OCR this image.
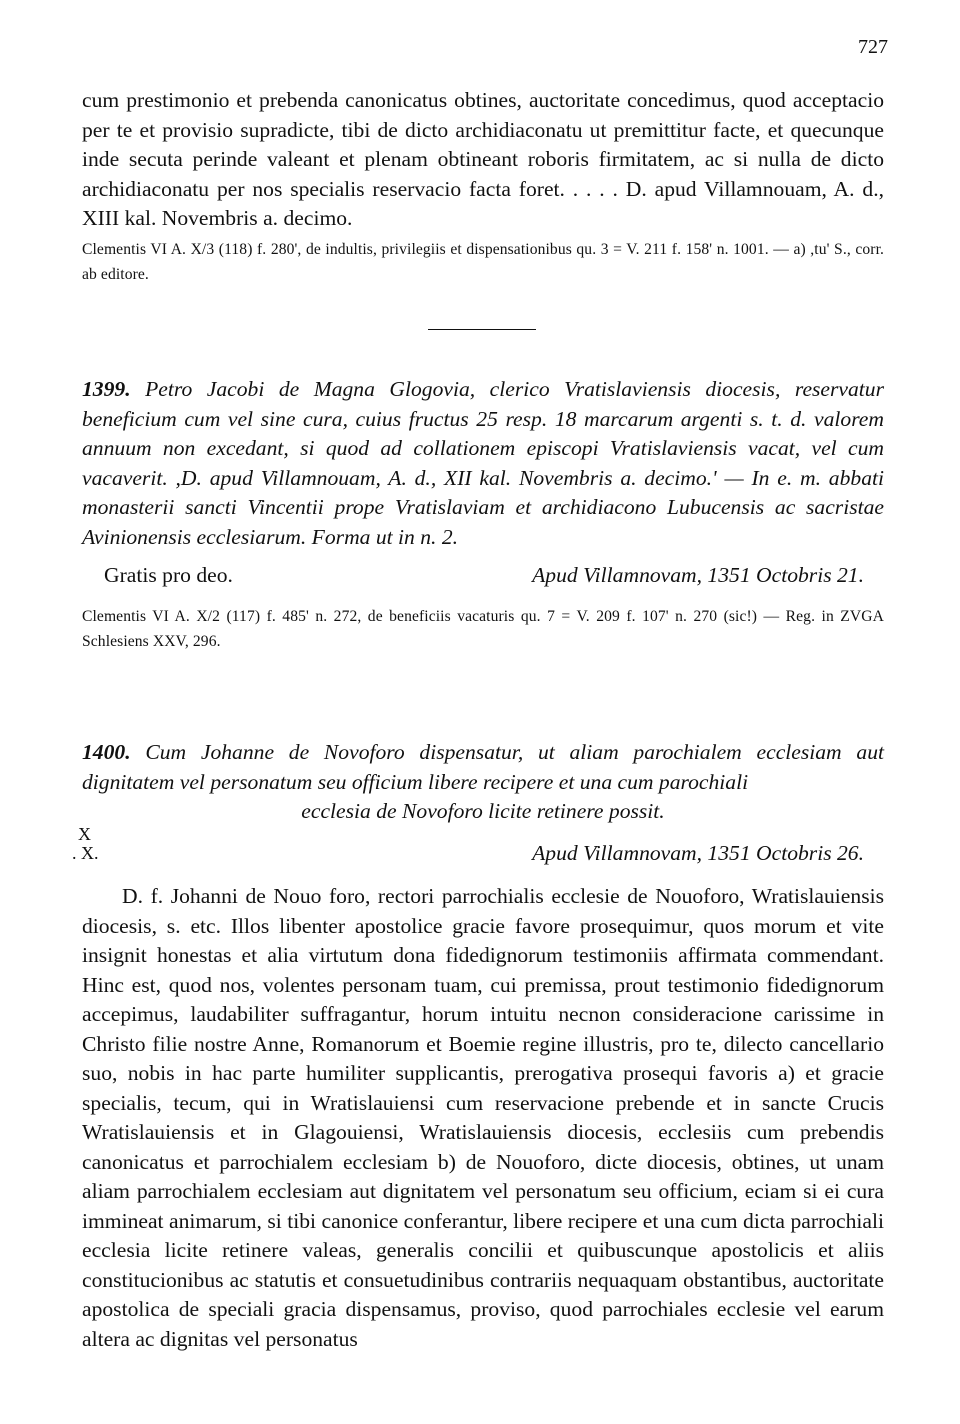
727

cum prestimonio et prebenda canonicatus obtines, auctoritate concedimus, quod acceptacio per te et provisio supradicte, tibi de dicto archidiaconatu ut premittitur facte, et quecunque inde secuta perinde valeant et plenam obtineant roboris firmitatem, ac si nulla de dicto archidiaconatu per nos specialis reservacio facta foret. . . . . D. apud Villamnouam, A. d., XIII kal. Novembris a. decimo.

Clementis VI A. X/3 (118) f. 280', de indultis, privilegiis et dispensationibus qu. 3 = V. 211 f. 158' n. 1001. — a) ,tu' S., corr. ab editore.

1399. Petro Jacobi de Magna Glogovia, clerico Vratislaviensis diocesis, reservatur beneficium cum vel sine cura, cuius fructus 25 resp. 18 marcarum argenti s. t. d. valorem annuum non excedant, si quod ad collationem episcopi Vratislaviensis vacat, vel cum vacaverit. ,D. apud Villamnouam, A. d., XII kal. Novembris a. decimo.' — In e. m. abbati monasterii sancti Vincentii prope Vratislaviam et archidiacono Lubucensis ac sacristae Avinionensis ecclesiarum. Forma ut in n. 2.

Gratis pro deo.	Apud Villamnovam, 1351 Octobris 21.

Clementis VI A. X/2 (117) f. 485' n. 272, de beneficiis vacaturis qu. 7 = V. 209 f. 107' n. 270 (sic!) — Reg. in ZVGA Schlesiens XXV, 296.

1400. Cum Johanne de Novoforo dispensatur, ut aliam parochialem ecclesiam aut dignitatem vel personatum seu officium libere recipere et una cum parochiali
ecclesia de Novoforo licite retinere possit.

X
. X.	Apud Villamnovam, 1351 Octobris 26.

D. f. Johanni de Nouo foro, rectori parrochialis ecclesie de Nouoforo, Wratislauiensis diocesis, s. etc. Illos libenter apostolice gracie favore prosequimur, quos morum et vite insignit honestas et alia virtutum dona fidedignorum testimoniis affirmata commendant. Hinc est, quod nos, volentes personam tuam, cui premissa, prout testimonio fidedignorum accepimus, laudabiliter suffragantur, horum intuitu necnon consideracione carissime in Christo filie nostre Anne, Romanorum et Boemie regine illustris, pro te, dilecto cancellario suo, nobis in hac parte humiliter supplicantis, prerogativa prosequi favoris a) et gracie specialis, tecum, qui in Wratislauiensi cum reservacione prebende et in sancte Crucis Wratislauiensis et in Glagouiensi, Wratislauiensis diocesis, ecclesiis cum prebendis canonicatus et parrochialem ecclesiam b) de Nouoforo, dicte diocesis, obtines, ut unam aliam parrochialem ecclesiam aut dignitatem vel personatum seu officium, eciam si ei cura immineat animarum, si tibi canonice conferantur, libere recipere et una cum dicta parrochiali ecclesia licite retinere valeas, generalis concilii et quibuscunque apostolicis et aliis constitucionibus ac statutis et consuetudinibus contrariis nequaquam obstantibus, auctoritate apostolica de speciali gracia dispensamus, proviso, quod parrochiales ecclesie vel earum altera ac dignitas vel personatus
